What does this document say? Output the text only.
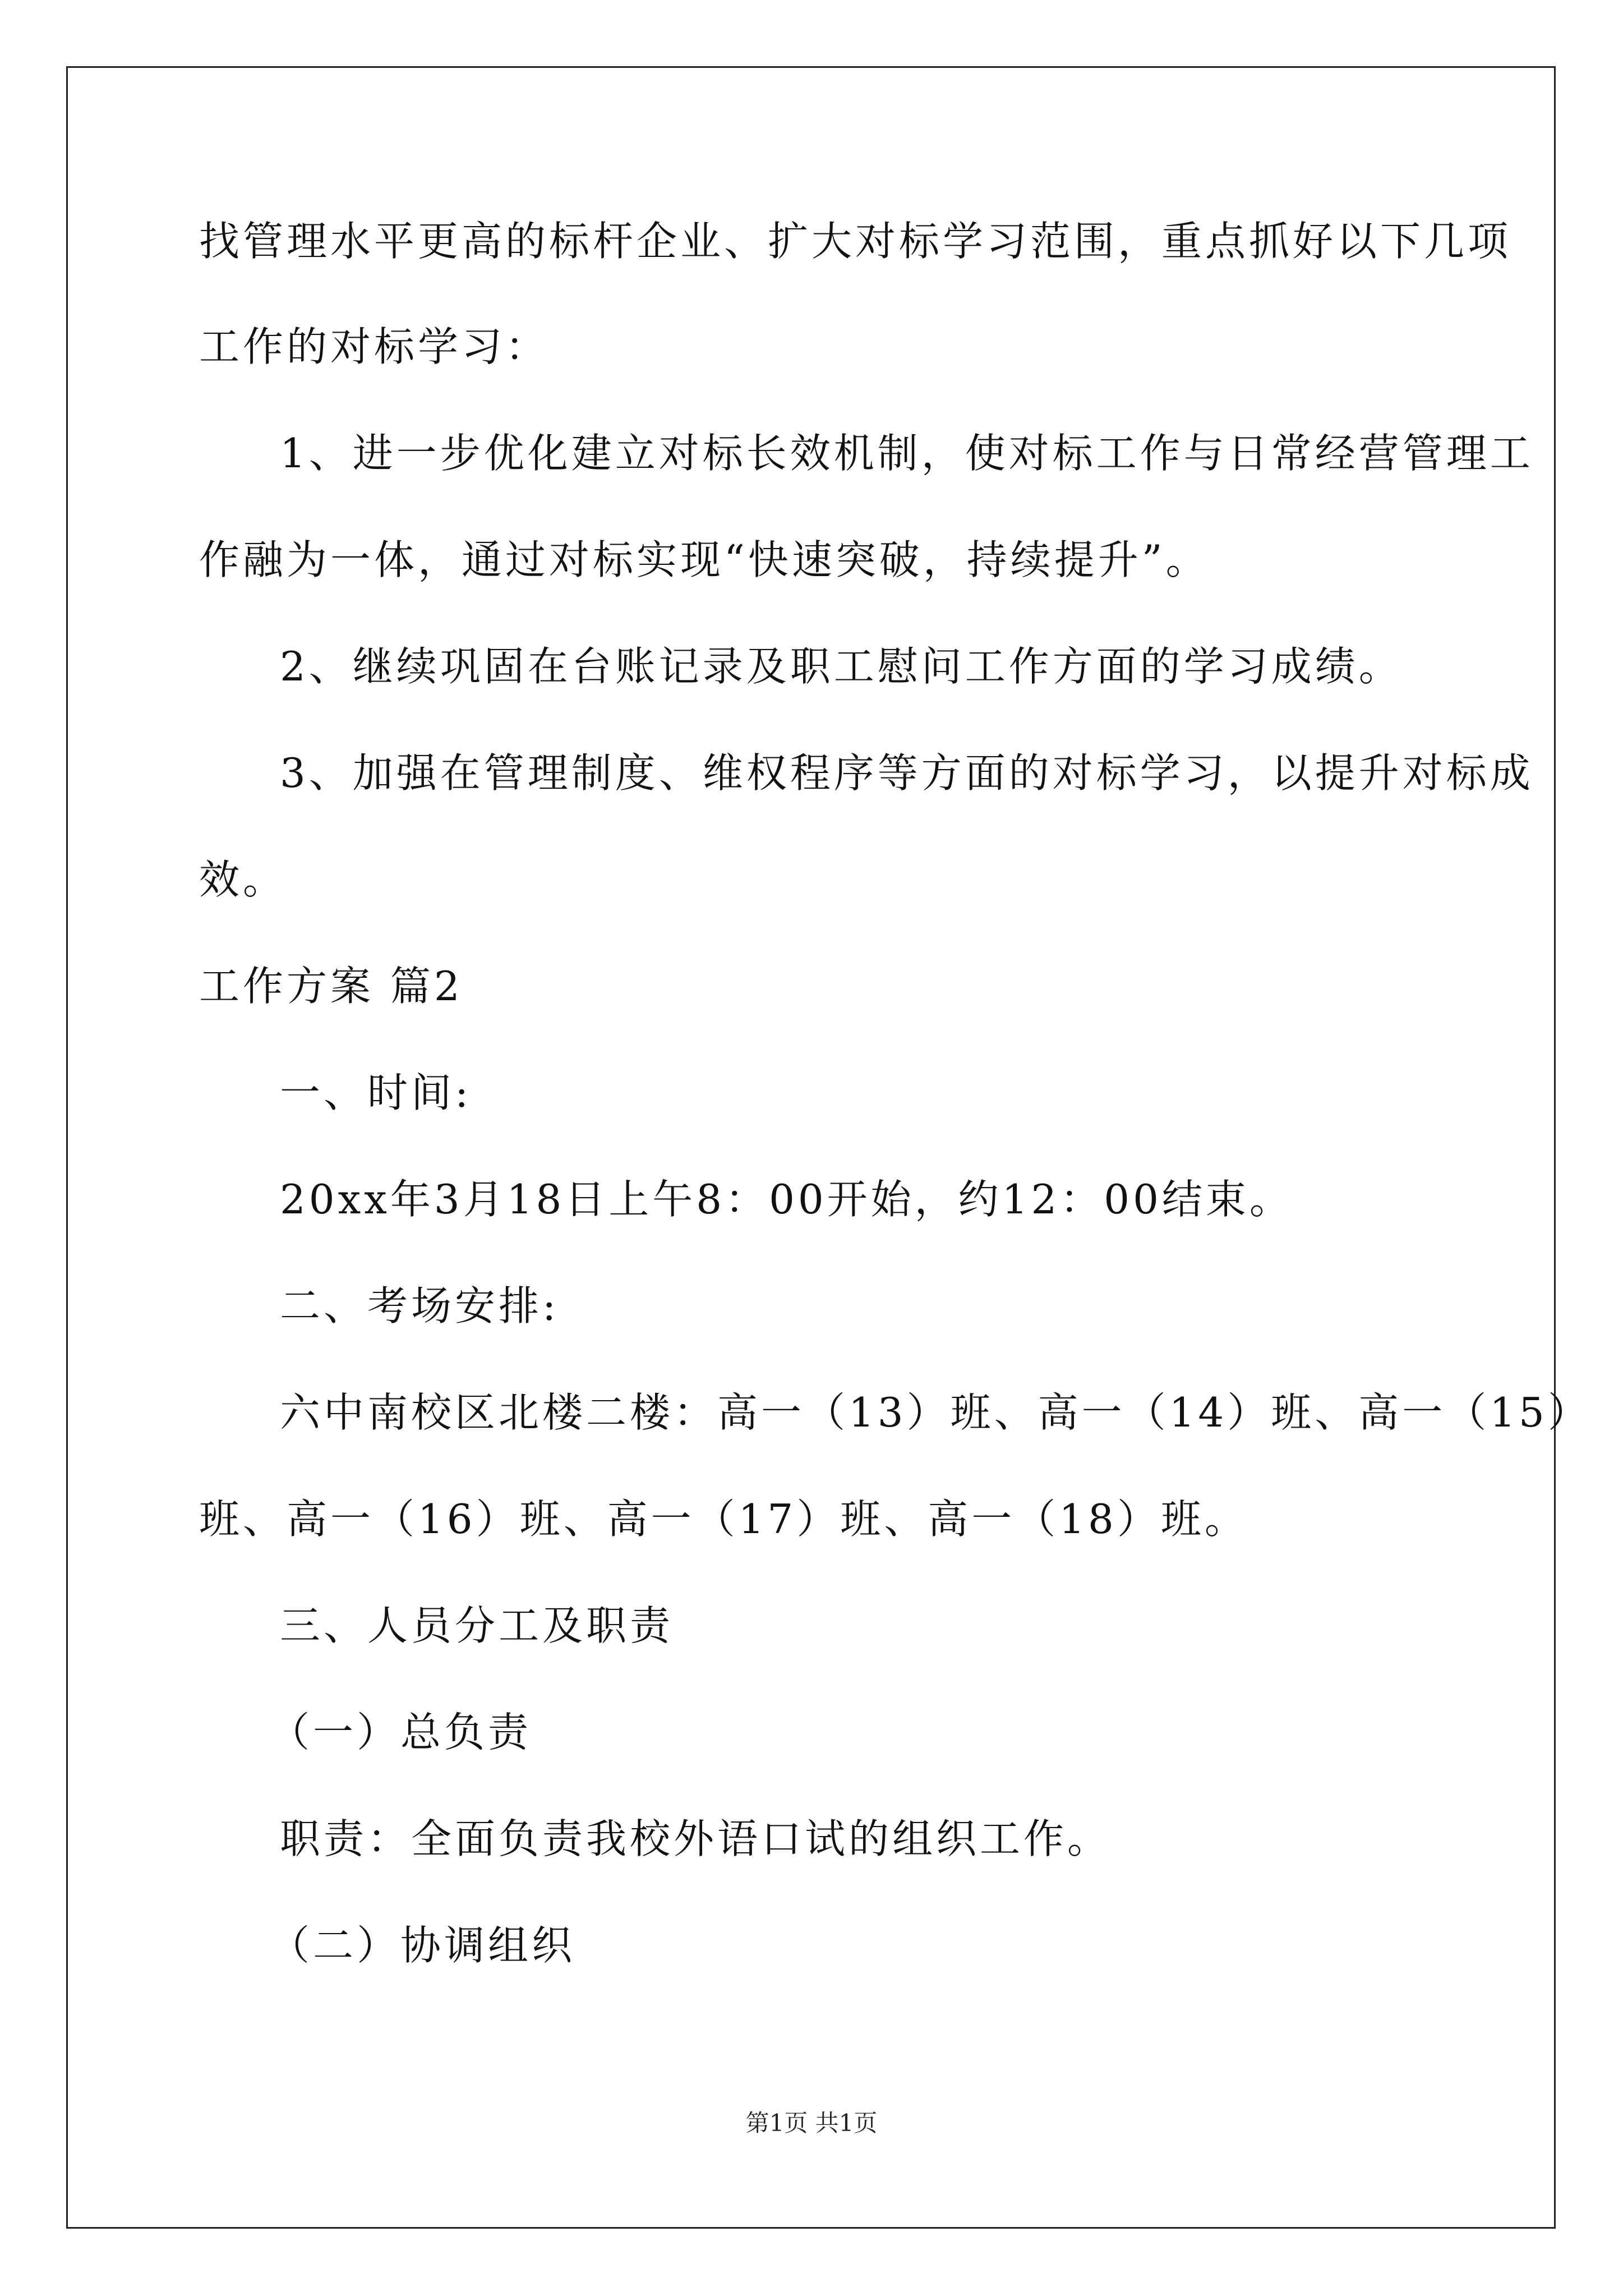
找管理水平更高的标杆企业、扩大对标学习范围，重点抓好以下几项
工作的对标学习：
1、进一步优化建立对标长效机制，使对标工作与日常经营管理工
作融为一体，通过对标实现“快速突破，持续提升”。
2、继续巩固在台账记录及职工慰问工作方面的学习成绩。
3、加强在管理制度、维权程序等方面的对标学习，以提升对标成
效。
工作方案 篇2
一、时间:
20xx年3月18日上午8：00开始，约12：00结束。
二、考场安排:
六中南校区北楼二楼：高一（13）班、高一（14）班、高一（15）
班、高一（16）班、高一（17）班、高一（18）班。
三、人员分工及职责
（一）总负责
职责：全面负责我校外语口试的组织工作。
（二）协调组织
第1页 共1页
